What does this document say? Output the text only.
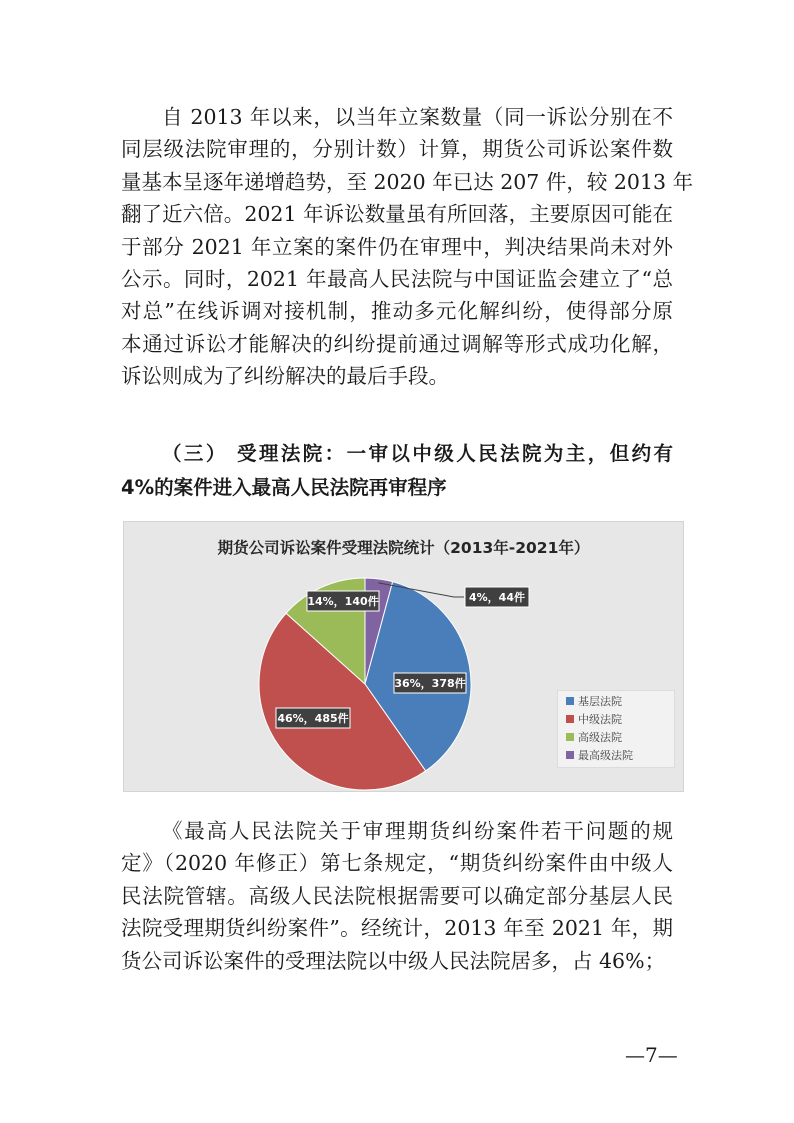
自 2013 年以来，以当年立案数量（同一诉讼分别在不
同层级法院审理的，分别计数）计算，期货公司诉讼案件数
量基本呈逐年递增趋势，至 2020 年已达 207 件，较 2013 年
翻了近六倍。2021 年诉讼数量虽有所回落，主要原因可能在
于部分 2021 年立案的案件仍在审理中，判决结果尚未对外
公示。同时，2021 年最高人民法院与中国证监会建立了“总
对总”在线诉调对接机制，推动多元化解纠纷，使得部分原
本通过诉讼才能解决的纠纷提前通过调解等形式成功化解，
诉讼则成为了纠纷解决的最后手段。
（三） 受理法院：一审以中级人民法院为主，但约有
4%的案件进入最高人民法院再审程序
期货公司诉讼案件受理法院统计（2013年-2021年）
36%，378件
46%，485件
14%，140件	4%，44件
基层法院
中级法院
高级法院
最高级法院
《最高人民法院关于审理期货纠纷案件若干问题的规
定》（2020 年修正）第七条规定，“期货纠纷案件由中级人
民法院管辖。高级人民法院根据需要可以确定部分基层人民
法院受理期货纠纷案件”。经统计，2013 年至 2021 年，期
货公司诉讼案件的受理法院以中级人民法院居多，占 46%；
—7—
